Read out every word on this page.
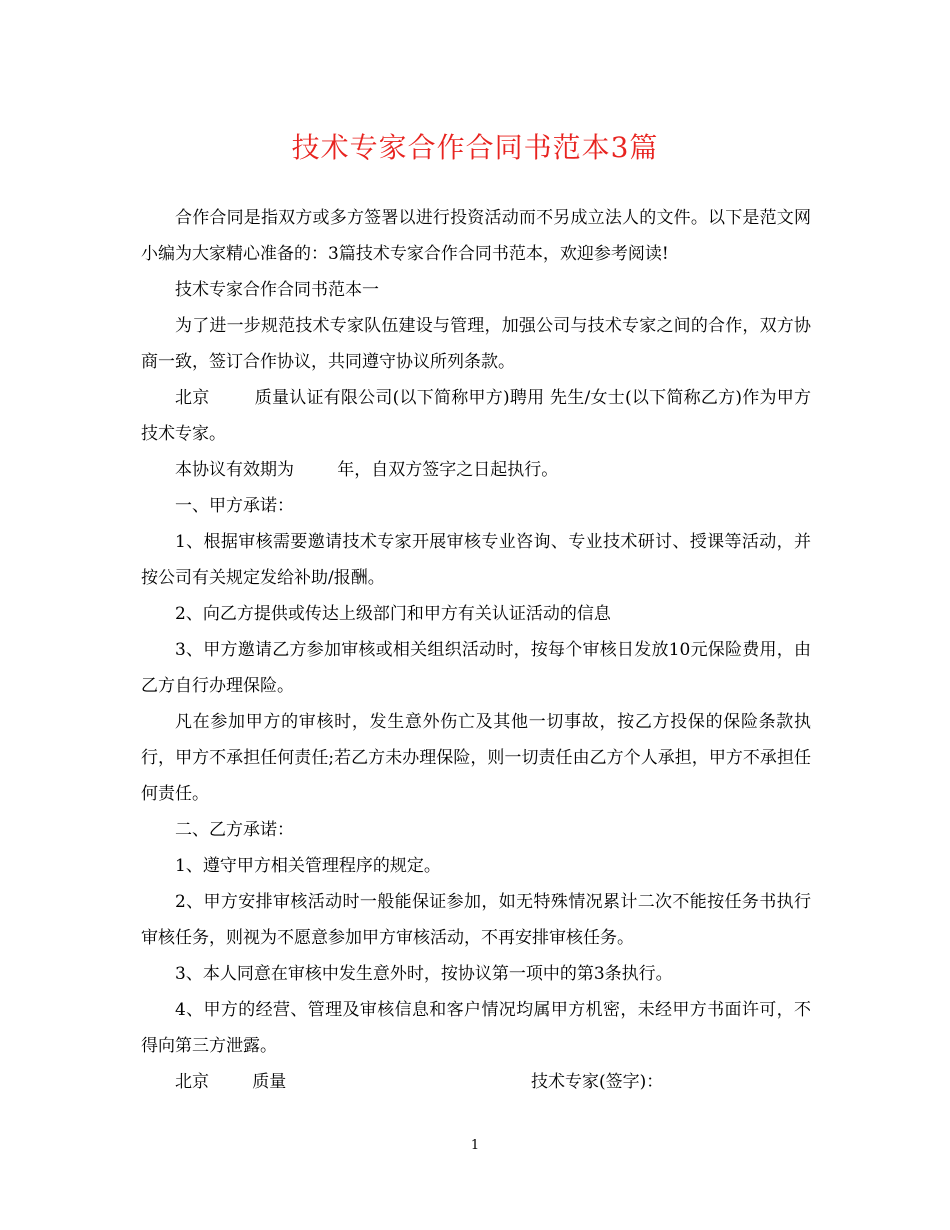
技术专家合作合同书范本3篇

合作合同是指双方或多方签署以进行投资活动而不另成立法人的文件。以下是范文网小编为大家精心准备的：3篇技术专家合作合同书范本，欢迎参考阅读!

技术专家合作合同书范本一

为了进一步规范技术专家队伍建设与管理，加强公司与技术专家之间的合作，双方协商一致，签订合作协议，共同遵守协议所列条款。

北京        质量认证有限公司(以下简称甲方)聘用 先生/女士(以下简称乙方)作为甲方技术专家。

本协议有效期为        年，自双方签字之日起执行。

一、甲方承诺：

1、根据审核需要邀请技术专家开展审核专业咨询、专业技术研讨、授课等活动，并按公司有关规定发给补助/报酬。

2、向乙方提供或传达上级部门和甲方有关认证活动的信息

3、甲方邀请乙方参加审核或相关组织活动时，按每个审核日发放10元保险费用，由乙方自行办理保险。

凡在参加甲方的审核时，发生意外伤亡及其他一切事故，按乙方投保的保险条款执行，甲方不承担任何责任;若乙方未办理保险，则一切责任由乙方个人承担，甲方不承担任何责任。

二、乙方承诺：

1、遵守甲方相关管理程序的规定。

2、甲方安排审核活动时一般能保证参加，如无特殊情况累计二次不能按任务书执行审核任务，则视为不愿意参加甲方审核活动，不再安排审核任务。

3、本人同意在审核中发生意外时，按协议第一项中的第3条执行。

4、甲方的经营、管理及审核信息和客户情况均属甲方机密，未经甲方书面许可，不得向第三方泄露。

北京        质量	技术专家(签字)：
1
